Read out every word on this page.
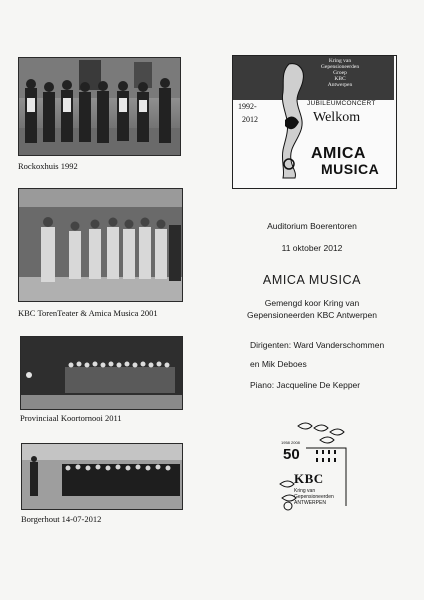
Rockoxhuis 1992
KBC TorenTeater & Amica Musica 2001
Provinciaal Koortornooi 2011
Borgerhout 14-07-2012
Kring van
Gepensioneerden
Groep
KBC
Antwerpen
1992-
2012
JUBILEUMCONCERT
Welkom
AMICA
MUSICA
Auditorium Boerentoren
11 oktober 2012
AMICA MUSICA
Gemengd koor Kring van
Gepensioneerden KBC Antwerpen
Dirigenten: Ward Vanderschommen
en Mik Deboes
Piano: Jacqueline De Kepper
1958 2008
50
KBC
Kring van
Gepensioneerden
ANTWERPEN
